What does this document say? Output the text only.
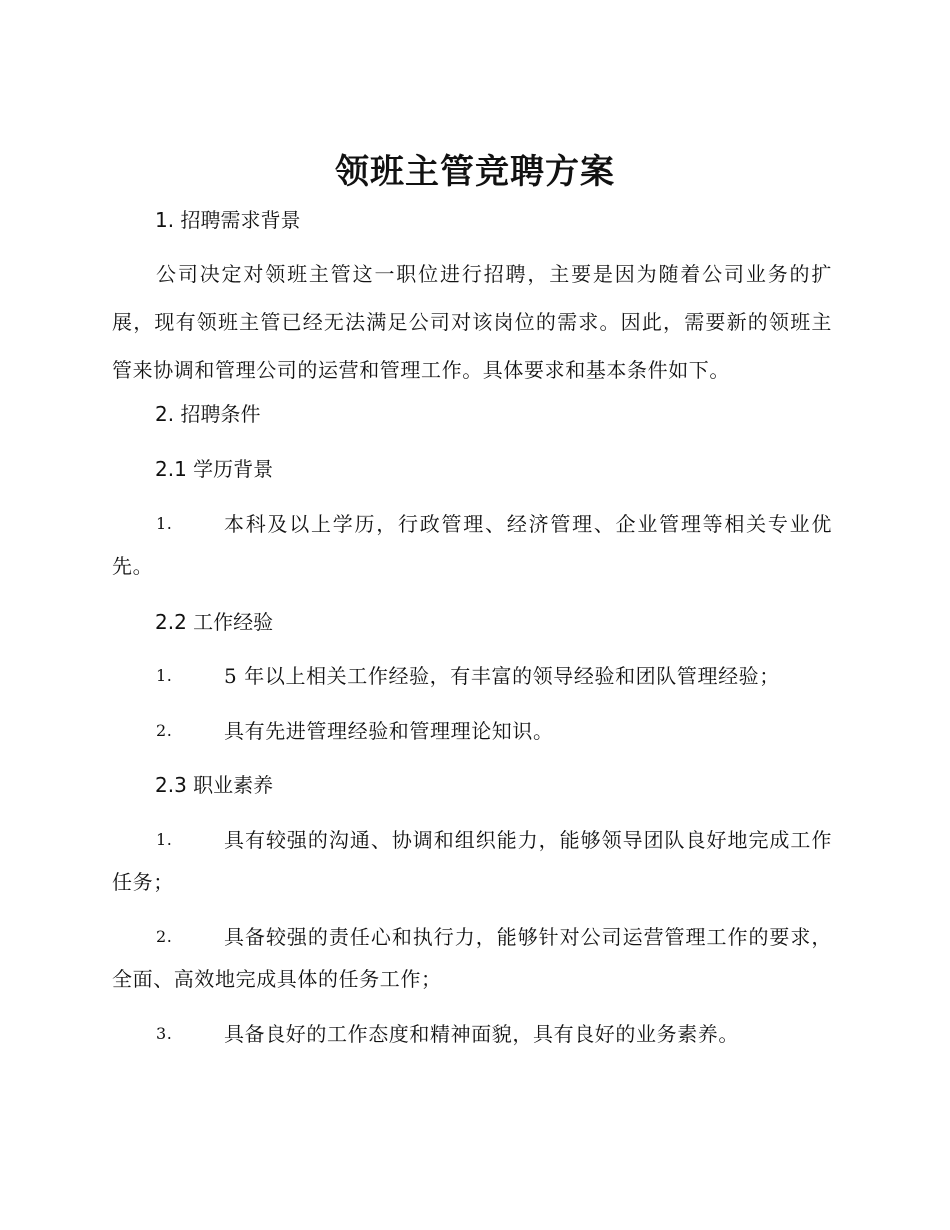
领班主管竞聘方案
1. 招聘需求背景

公司决定对领班主管这一职位进行招聘，主要是因为随着公司业务的扩展，现有领班主管已经无法满足公司对该岗位的需求。因此，需要新的领班主管来协调和管理公司的运营和管理工作。具体要求和基本条件如下。

2. 招聘条件
2.1 学历背景
1.	本科及以上学历，行政管理、经济管理、企业管理等相关专业优先。
2.2 工作经验
1.	5 年以上相关工作经验，有丰富的领导经验和团队管理经验；
2.	具有先进管理经验和管理理论知识。
2.3 职业素养
1.	具有较强的沟通、协调和组织能力，能够领导团队良好地完成工作任务；
2.	具备较强的责任心和执行力，能够针对公司运营管理工作的要求，全面、高效地完成具体的任务工作；
3.	具备良好的工作态度和精神面貌，具有良好的业务素养。
